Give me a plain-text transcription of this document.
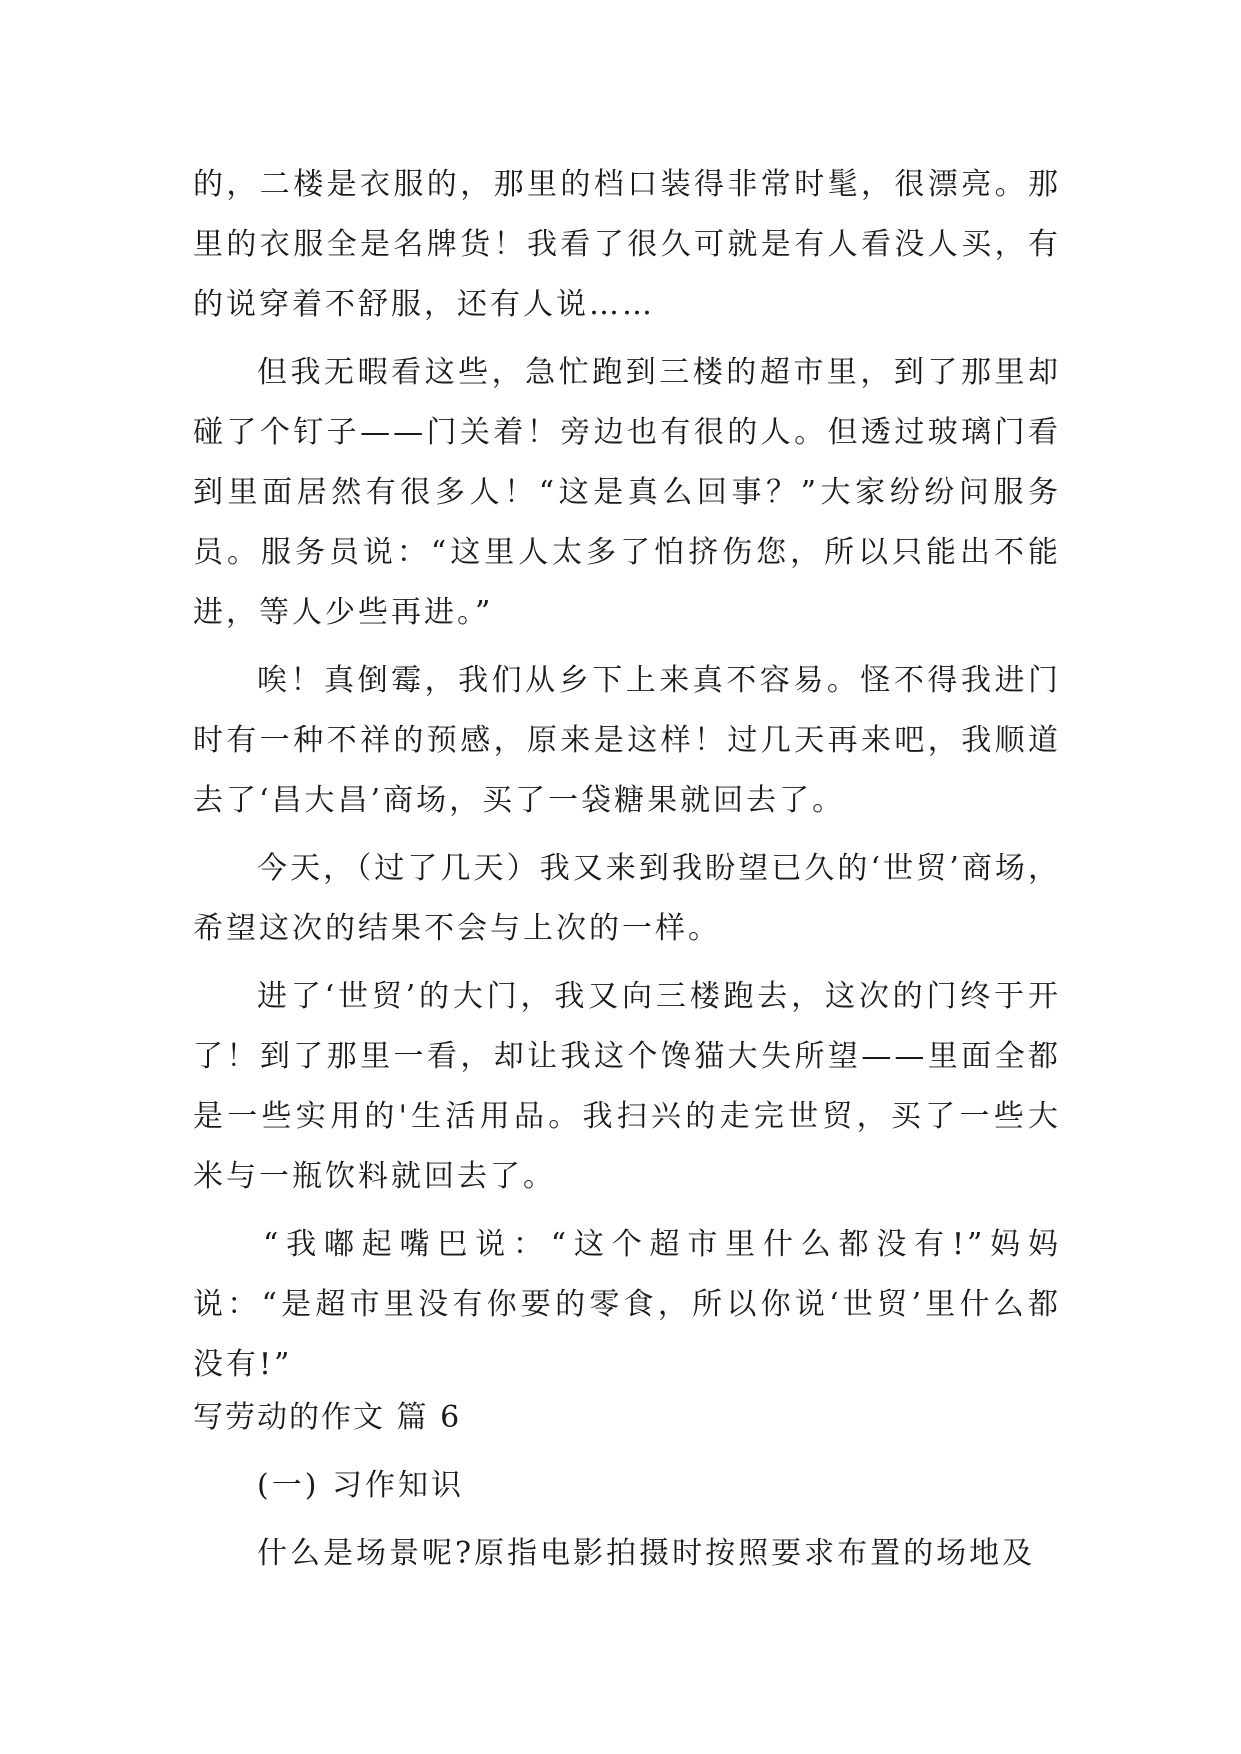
的，二楼是衣服的，那里的档口装得非常时髦，很漂亮。那里的衣服全是名牌货！我看了很久可就是有人看没人买，有的说穿着不舒服，还有人说……

但我无暇看这些，急忙跑到三楼的超市里，到了那里却碰了个钉子——门关着！旁边也有很的人。但透过玻璃门看到里面居然有很多人！“这是真么回事？”大家纷纷问服务员。服务员说：“这里人太多了怕挤伤您，所以只能出不能进，等人少些再进。”

唉！真倒霉，我们从乡下上来真不容易。怪不得我进门时有一种不祥的预感，原来是这样！过几天再来吧，我顺道去了‘昌大昌’商场，买了一袋糖果就回去了。

今天，（过了几天）我又来到我盼望已久的‘世贸’商场，希望这次的结果不会与上次的一样。

进了‘世贸’的大门，我又向三楼跑去，这次的门终于开了！到了那里一看，却让我这个馋猫大失所望——里面全都是一些实用的'生活用品。我扫兴的走完世贸，买了一些大米与一瓶饮料就回去了。

“我嘟起嘴巴说：“这个超市里什么都没有!”妈妈说：“是超市里没有你要的零食，所以你说‘世贸’里什么都没有!”

写劳动的作文 篇 6

(一) 习作知识

什么是场景呢?原指电影拍摄时按照要求布置的场地及
